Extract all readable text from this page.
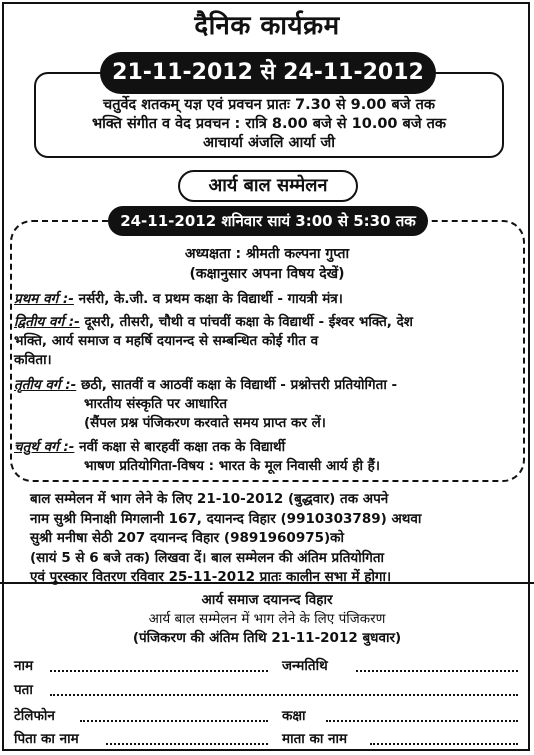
दैनिक कार्यक्रम
21-11-2012 से 24-11-2012
चतुर्वेद शतकम् यज्ञ एवं प्रवचन प्रातः 7.30 से 9.00 बजे तक
भक्ति संगीत व वेद प्रवचन : रात्रि 8.00 बजे से 10.00 बजे तक
आचार्या अंजलि आर्या जी
आर्य बाल सम्मेलन
24-11-2012 शनिवार सायं 3:00 से 5:30 तक
अध्यक्षता : श्रीमती कल्पना गुप्ता
(कक्षानुसार अपना विषय देखें)
प्रथम वर्ग :- नर्सरी, के.जी. व प्रथम कक्षा के विद्यार्थी - गायत्री मंत्र।
द्वितीय वर्ग :- दूसरी, तीसरी, चौथी व पांचवीं कक्षा के विद्यार्थी - ईश्वर भक्ति, देश
भक्ति, आर्य समाज व महर्षि दयानन्द से सम्बन्धित कोई गीत व
कविता।
तृतीय वर्ग :- छठी, सातवीं व आठवीं कक्षा के विद्यार्थी - प्रश्नोत्तरी प्रतियोगिता -
भारतीय संस्कृति पर आधारित
(सैंपल प्रश्न पंजिकरण करवाते समय प्राप्त कर लें।
चतुर्थ वर्ग :- नवीं कक्षा से बारहवीं कक्षा तक के विद्यार्थी
भाषण प्रतियोगिता-विषय : भारत के मूल निवासी आर्य ही हैं।
बाल सम्मेलन में भाग लेने के लिए 21-10-2012 (बुद्धवार) तक अपने
नाम सुश्री मिनाक्षी मिगलानी 167, दयानन्द विहार (9910303789) अथवा
सुश्री मनीषा सेठी 207 दयानन्द विहार (9891960975)को
(सायं 5 से 6 बजे तक) लिखवा दें। बाल सम्मेलन की अंतिम प्रतियोगिता
एवं पुरस्कार वितरण रविवार 25-11-2012 प्रातः कालीन सभा में होगा।
आर्य समाज दयानन्द विहार
आर्य बाल सम्मेलन में भाग लेने के लिए पंजिकरण
(पंजिकरण की अंतिम तिथि 21-11-2012 बुधवार)
नाम	जन्मतिथि
पता
टेलिफोन	कक्षा
पिता का नाम	माता का नाम
